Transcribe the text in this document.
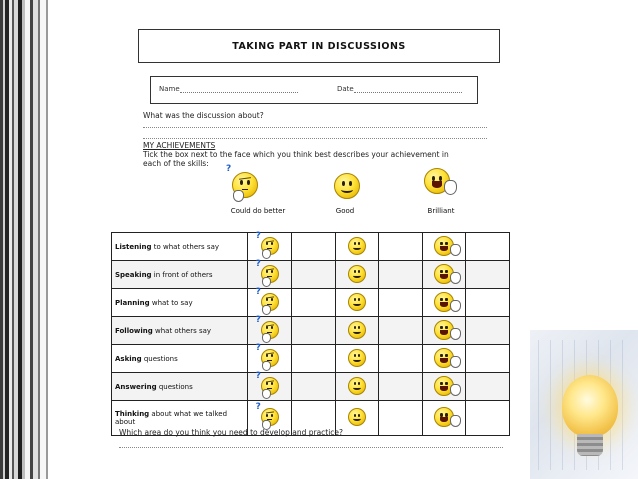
TAKING PART IN DISCUSSIONS
Name	Date
What was the discussion about?
MY ACHIEVEMENTS
Tick the box next to the face which you think best describes your achievement in
each of the skills:
?
Could do better	Good	Brilliant
Listening to what others say	?					

Speaking in front of others	?					

Planning what to say	?					

Following what others say	?					

Asking questions	?					

Answering questions	?					

Thinking about what we talked about	?					

Which area do you think you need to develop and practice?
